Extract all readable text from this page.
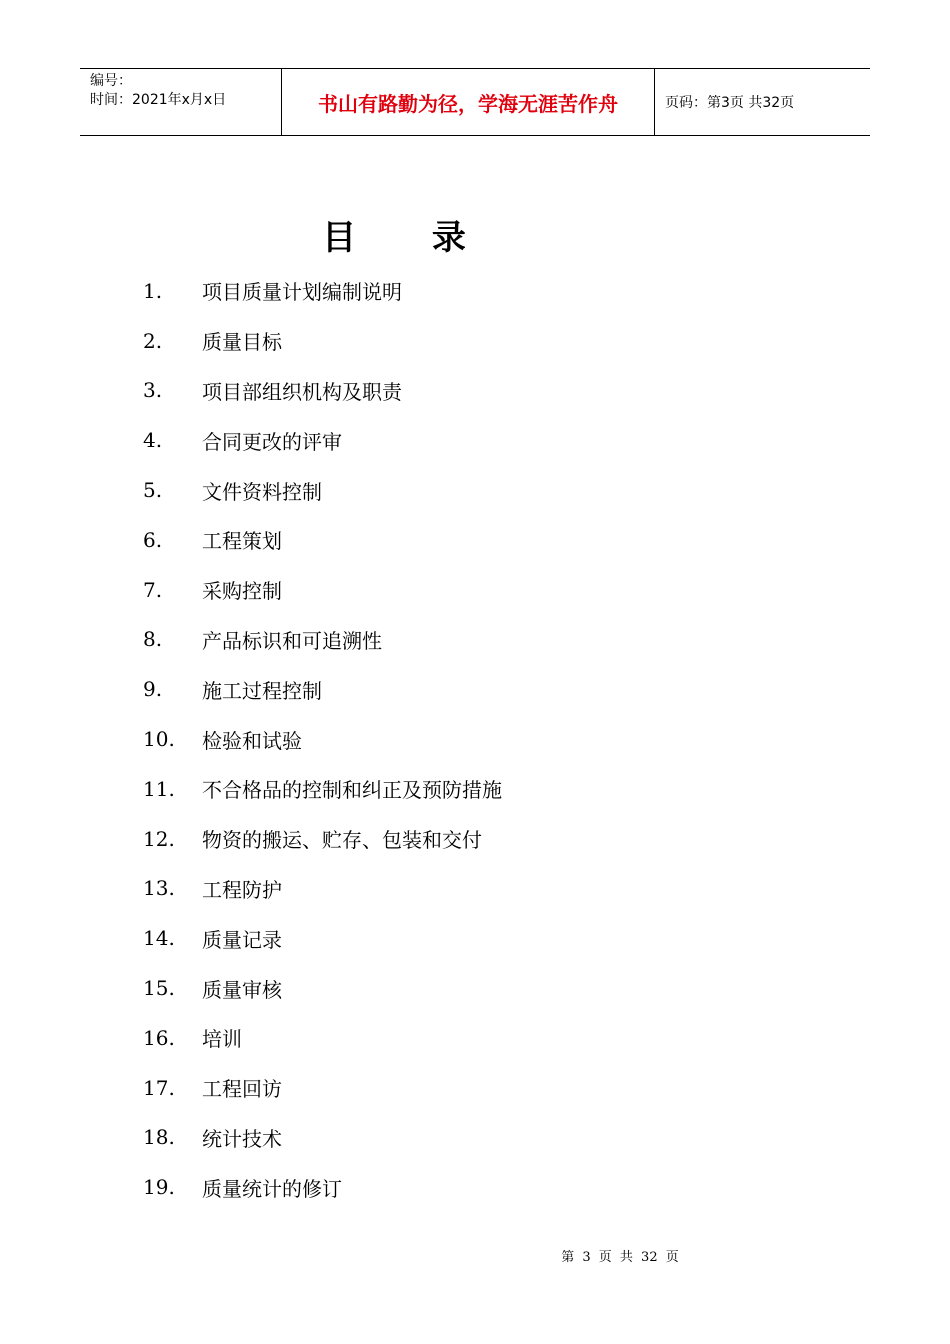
编号：
时间：2021年x月x日	书山有路勤为径，学海无涯苦作舟	页码：第3页 共32页
目 录
1.	项目质量计划编制说明
2.	质量目标
3.	项目部组织机构及职责
4.	合同更改的评审
5.	文件资料控制
6.	工程策划
7.	采购控制
8.	产品标识和可追溯性
9.	施工过程控制
10.	检验和试验
11.	不合格品的控制和纠正及预防措施
12.	物资的搬运、贮存、包装和交付
13.	工程防护
14.	质量记录
15.	质量审核
16.	培训
17.	工程回访
18.	统计技术
19.	质量统计的修订
第 3 页 共 32 页
